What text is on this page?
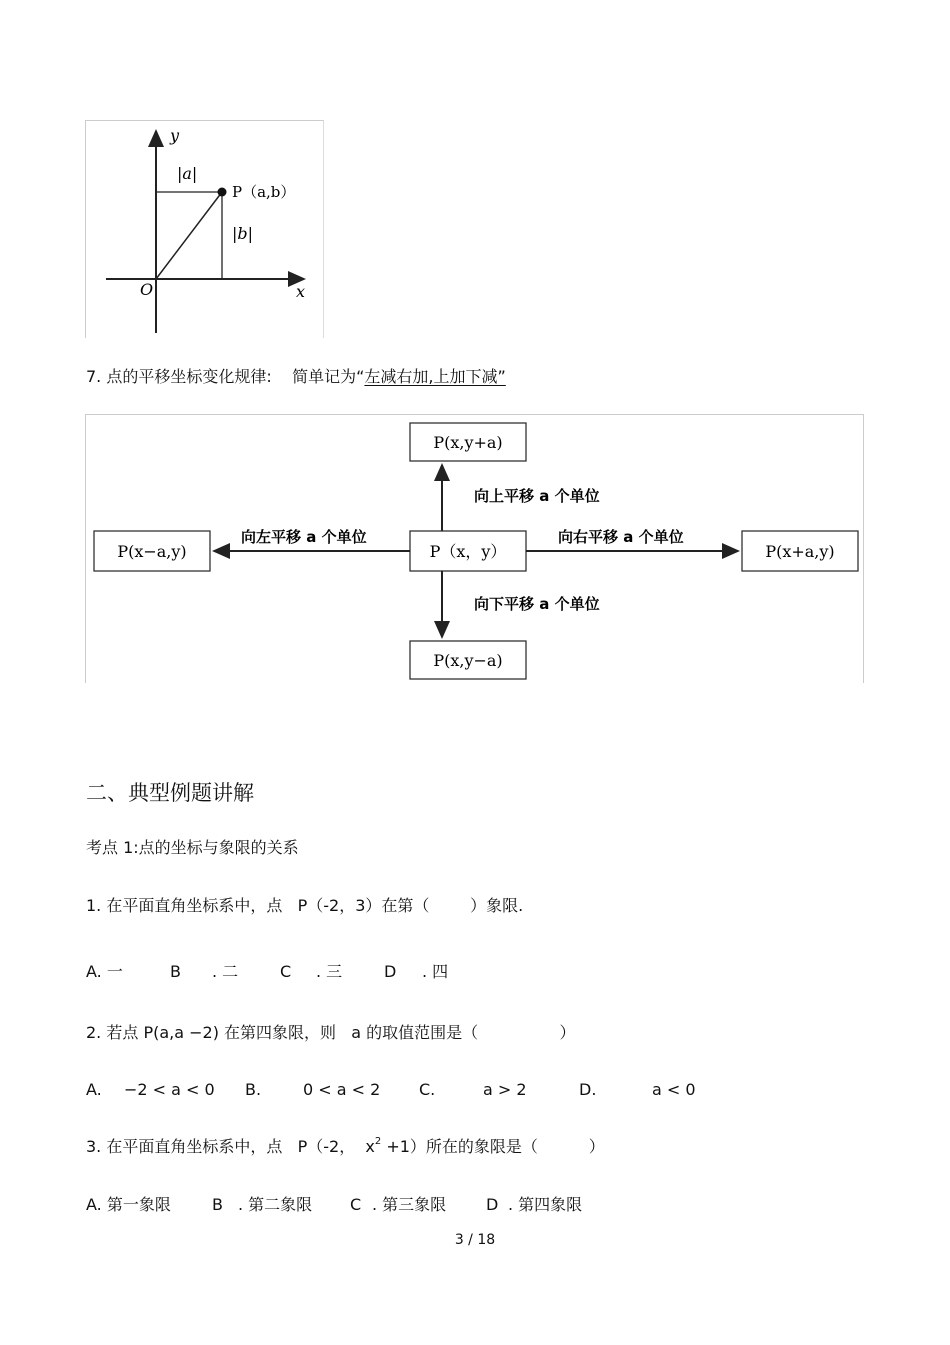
y
x
O
|a|
|b|
P（a,b）
7. 点的平移坐标变化规律: 简单记为“左减右加,上加下减”
P(x,y+a)
P（x，y）
P(x,y−a)
P(x−a,y)	P(x+a,y)
向上平移 a 个单位
向下平移 a 个单位
向左平移 a 个单位	向右平移 a 个单位
二、典型例题讲解
考点 1:点的坐标与象限的关系
1. 在平面直角坐标系中，点   P（-2，3）在第（        ）象限.
A. 一	B . 二	C . 三	D . 四
2. 若点 P(a,a −2) 在第四象限，则   a 的取值范围是（                ）
A. −2 < a < 0 B.	0 < a < 2 C.	a > 2	D.	a < 0
3. 在平面直角坐标系中，点   P（-2，  $x^2 +1$）所在的象限是（          ）
A. 第一象限	B . 第二象限 C . 第三象限 D . 第四象限
3 / 18
